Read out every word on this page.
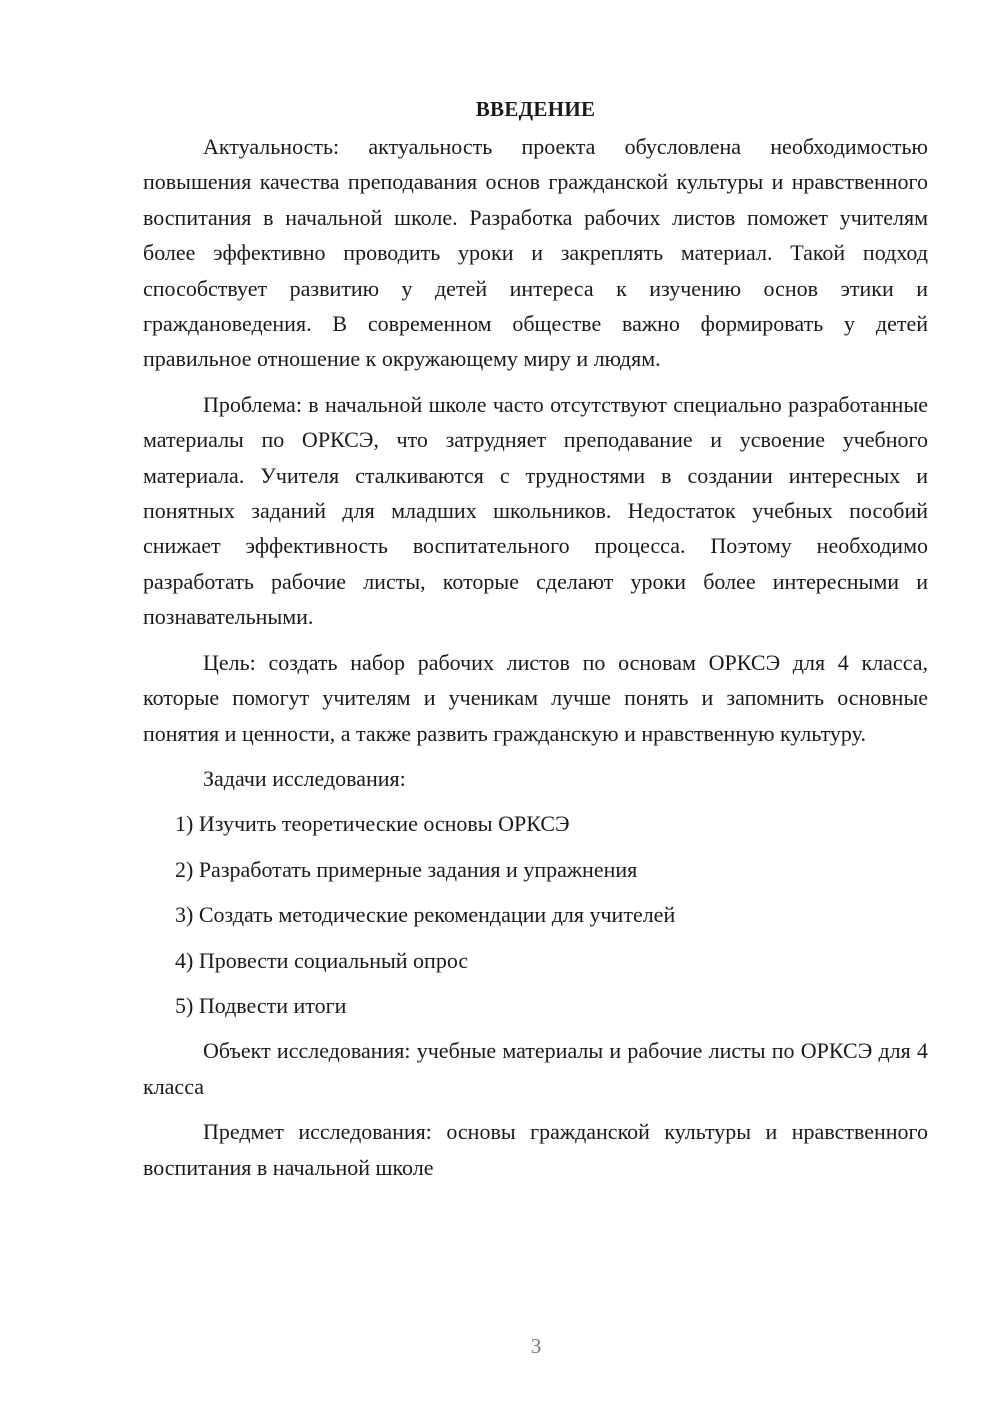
ВВЕДЕНИЕ

Актуальность: актуальность проекта обусловлена необходимостью повышения качества преподавания основ гражданской культуры и нравственного воспитания в начальной школе. Разработка рабочих листов поможет учителям более эффективно проводить уроки и закреплять материал. Такой подход способствует развитию у детей интереса к изучению основ этики и граждановедения. В современном обществе важно формировать у детей правильное отношение к окружающему миру и людям.

Проблема: в начальной школе часто отсутствуют специально разработанные материалы по ОРКСЭ, что затрудняет преподавание и усвоение учебного материала. Учителя сталкиваются с трудностями в создании интересных и понятных заданий для младших школьников. Недостаток учебных пособий снижает эффективность воспитательного процесса. Поэтому необходимо разработать рабочие листы, которые сделают уроки более интересными и познавательными.

Цель: создать набор рабочих листов по основам ОРКСЭ для 4 класса, которые помогут учителям и ученикам лучше понять и запомнить основные понятия и ценности, а также развить гражданскую и нравственную культуру.

Задачи исследования:

1) Изучить теоретические основы ОРКСЭ
2) Разработать примерные задания и упражнения
3) Создать методические рекомендации для учителей
4) Провести социальный опрос
5) Подвести итоги

Объект исследования: учебные материалы и рабочие листы по ОРКСЭ для 4 класса

Предмет исследования: основы гражданской культуры и нравственного воспитания в начальной школе

3
